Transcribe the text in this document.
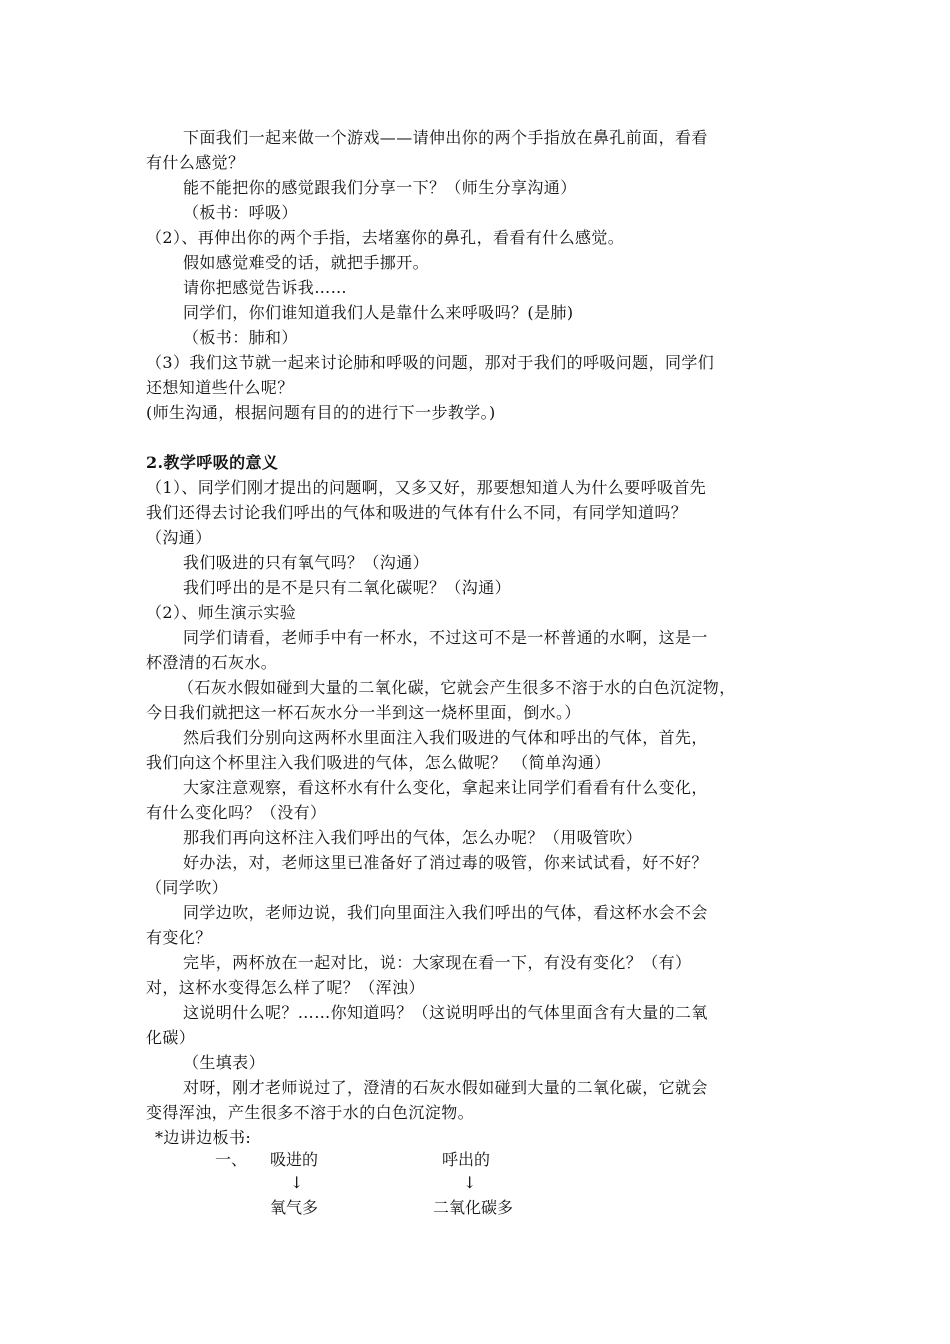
下面我们一起来做一个游戏——请伸出你的两个手指放在鼻孔前面，看看
有什么感觉？
能不能把你的感觉跟我们分享一下？（师生分享沟通）
（板书：呼吸）
（2）、再伸出你的两个手指，去堵塞你的鼻孔，看看有什么感觉。
假如感觉难受的话，就把手挪开。
请你把感觉告诉我……
同学们，你们谁知道我们人是靠什么来呼吸吗？(是肺)
（板书：肺和）
（3）我们这节就一起来讨论肺和呼吸的问题，那对于我们的呼吸问题，同学们
还想知道些什么呢？
(师生沟通，根据问题有目的的进行下一步教学。)
2.教学呼吸的意义
（1）、同学们刚才提出的问题啊，又多又好，那要想知道人为什么要呼吸首先
我们还得去讨论我们呼出的气体和吸进的气体有什么不同，有同学知道吗？
（沟通）
我们吸进的只有氧气吗？（沟通）
我们呼出的是不是只有二氧化碳呢？（沟通）
（2）、师生演示实验
同学们请看，老师手中有一杯水，不过这可不是一杯普通的水啊，这是一
杯澄清的石灰水。
（石灰水假如碰到大量的二氧化碳，它就会产生很多不溶于水的白色沉淀物，
今日我们就把这一杯石灰水分一半到这一烧杯里面，倒水。）
然后我们分别向这两杯水里面注入我们吸进的气体和呼出的气体，首先，
我们向这个杯里注入我们吸进的气体，怎么做呢？ （简单沟通）
大家注意观察，看这杯水有什么变化，拿起来让同学们看看有什么变化，
有什么变化吗？（没有）
那我们再向这杯注入我们呼出的气体，怎么办呢？（用吸管吹）
好办法，对，老师这里已准备好了消过毒的吸管，你来试试看，好不好？
（同学吹）
同学边吹，老师边说，我们向里面注入我们呼出的气体，看这杯水会不会
有变化？
完毕，两杯放在一起对比，说：大家现在看一下，有没有变化？（有）
对，这杯水变得怎么样了呢？（浑浊）
这说明什么呢？……你知道吗？（这说明呼出的气体里面含有大量的二氧
化碳）
（生填表）
对呀，刚才老师说过了，澄清的石灰水假如碰到大量的二氧化碳，它就会
变得浑浊，产生很多不溶于水的白色沉淀物。
*边讲边板书:
一、 吸进的	呼出的
↓	↓
氧气多	二氧化碳多
